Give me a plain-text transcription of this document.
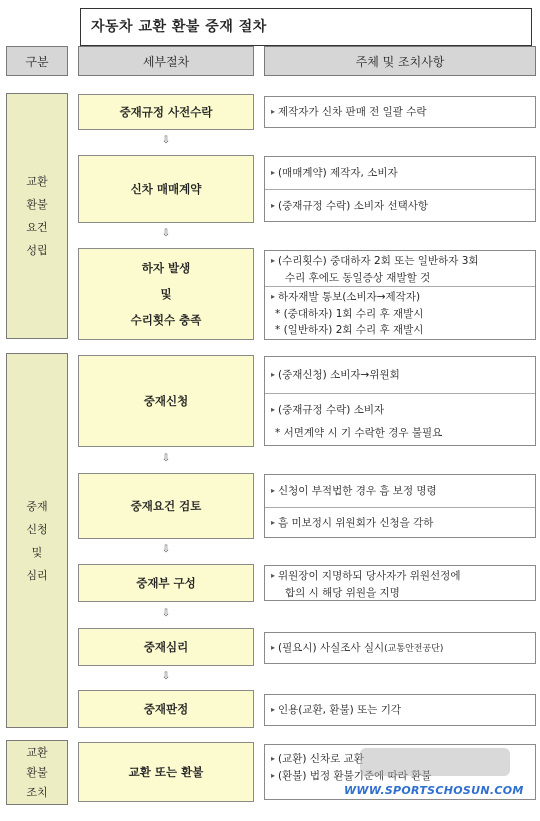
자동차 교환 환불 중재 절차
구분	세부절차	주체 및 조치사항
교환
환불
요건
성립
중재
신청
및
심리
교환
환불
조치
중재규정 사전수락
⇩
신차 매매계약
⇩
하자 발생
및
수리횟수 충족
중재신청
⇩
중재요건 검토
⇩
중재부 구성
⇩
중재심리
⇩
중재판정
교환 또는 환불
▸ 제작자가 신차 판매 전 일괄 수락
▸ (매매계약) 제작자, 소비자
▸ (중재규정 수락) 소비자 선택사항
▸ (수리횟수) 중대하자 2회 또는 일반하자 3회
수리 후에도 동일증상 재발할 것
▸ 하자재발 통보(소비자→제작자)
* (중대하자) 1회 수리 후 재발시
* (일반하자) 2회 수리 후 재발시
▸ (중재신청) 소비자→위원회
▸ (중재규정 수락) 소비자
* 서면계약 시 기 수락한 경우 불필요
▸ 신청이 부적법한 경우 흠 보정 명령
▸ 흠 미보정시 위원회가 신청을 각하
▸ 위원장이 지명하되 당사자가 위원선정에
합의 시 해당 위원을 지명
▸ (필요시) 사실조사 실시(교통안전공단)
▸ 인용(교환, 환불) 또는 기각
▸ (교환) 신차로 교환
▸ (환불) 법정 환불기준에 따라 환불
WWW.SPORTSCHOSUN.COM
